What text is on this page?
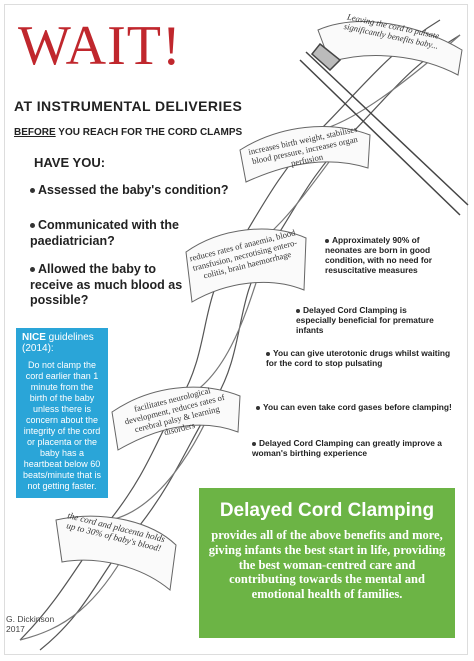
WAIT!
AT INSTRUMENTAL DELIVERIES
BEFORE YOU REACH FOR THE CORD CLAMPS
HAVE YOU:
Assessed the baby's condition?
Communicated with the paediatrician?
Allowed the baby to receive as much blood as possible?
NICE guidelines (2014):
Do not clamp the cord earlier than 1 minute from the birth of the baby unless there is concern about the integrity of the cord or placenta or the baby has a heartbeat below 60 beats/minute that is not getting faster.
Leaving the cord to pulsate significantly benefits baby...
increases birth weight, stabilises blood pressure, increases organ perfusion
reduces rates of anaemia, blood transfusion, necrotising entero-colitis, brain haemorrhage
facilitates neurological development, reduces rates of cerebral palsy & learning disorders
the cord and placenta holds up to 30% of baby's blood!
Approximately 90% of neonates are born in good condition, with no need for resuscitative measures
Delayed Cord Clamping is especially beneficial for premature infants
You can give uterotonic drugs whilst waiting for the cord to stop pulsating
You can even take cord gases before clamping!
Delayed Cord Clamping can greatly improve a woman's birthing experience
Delayed Cord Clamping
provides all of the above benefits and more, giving infants the best start in life, providing the best woman-centred care and contributing towards the mental and emotional health of families.
G. Dickinson
2017
